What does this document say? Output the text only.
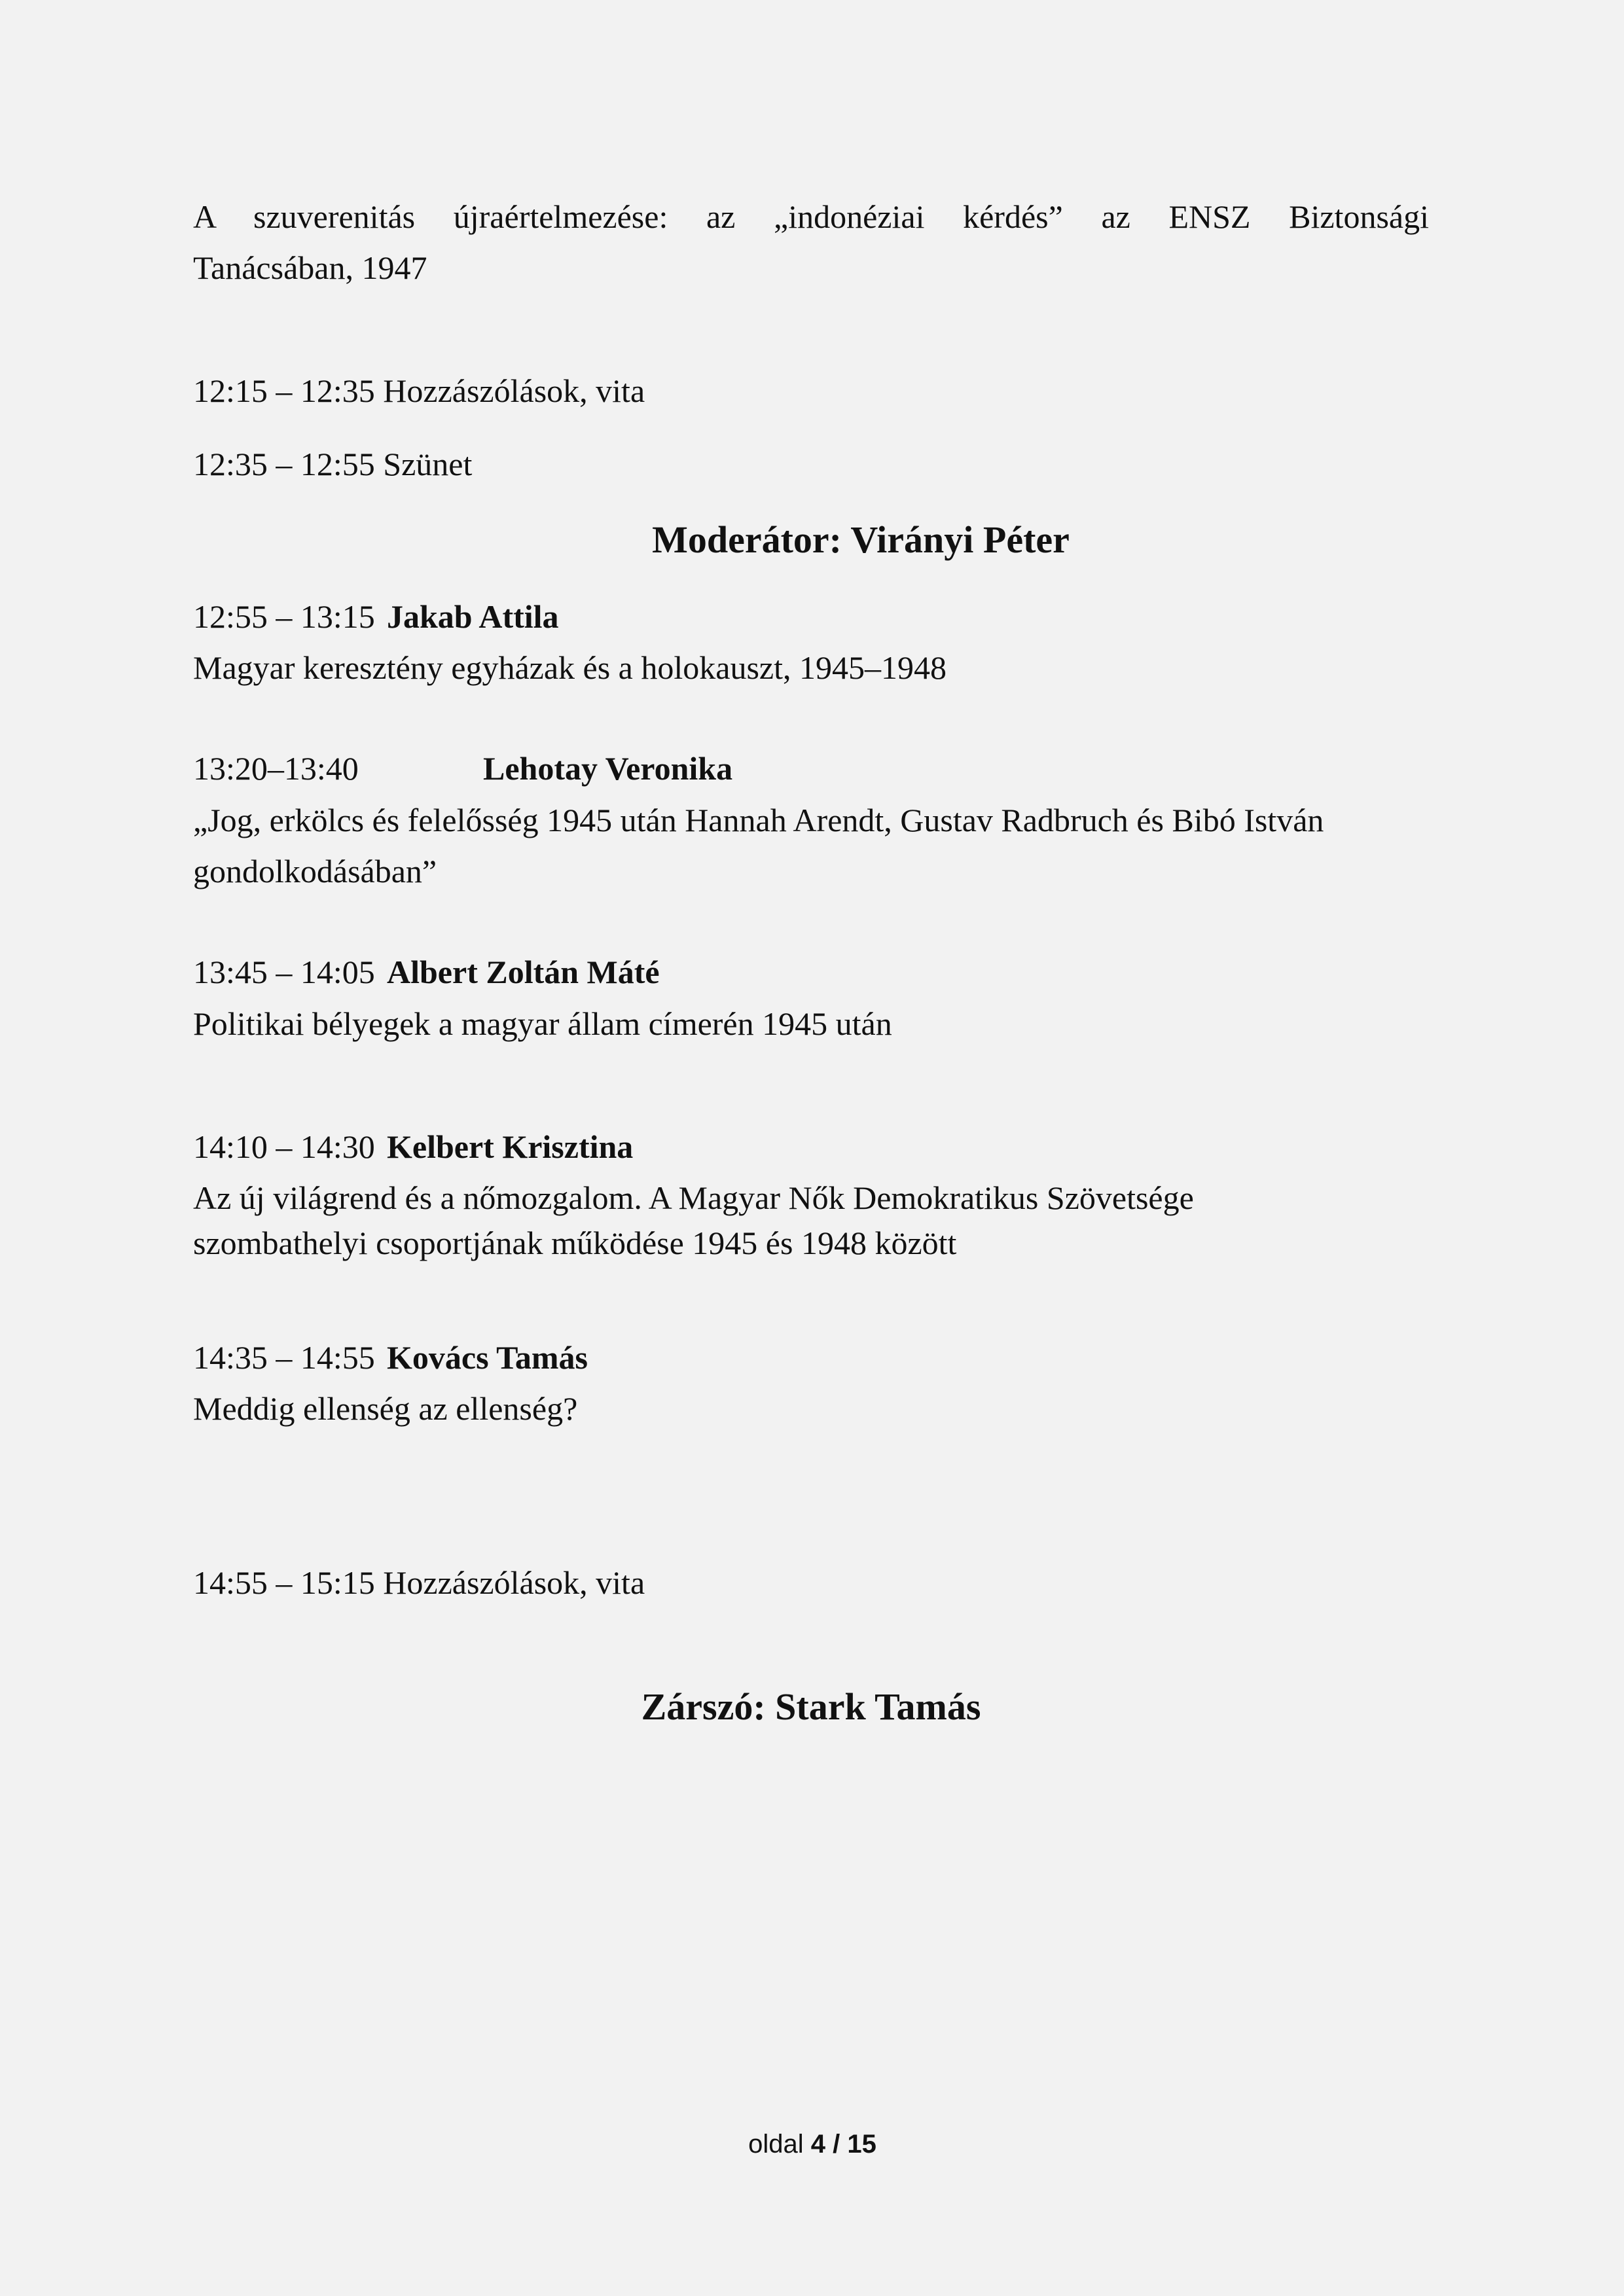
A szuverenitás újraértelmezése: az „indonéziai kérdés” az ENSZ Biztonsági
Tanácsában, 1947
12:15 – 12:35 Hozzászólások, vita
12:35 – 12:55 Szünet
Moderátor: Virányi Péter
12:55 – 13:15 Jakab Attila
Magyar keresztény egyházak és a holokauszt, 1945–1948
13:20–13:40	Lehotay Veronika
„Jog, erkölcs és felelősség 1945 után Hannah Arendt, Gustav Radbruch és Bibó István
gondolkodásában”
13:45 – 14:05 Albert Zoltán Máté
Politikai bélyegek a magyar állam címerén 1945 után
14:10 – 14:30 Kelbert Krisztina
Az új világrend és a nőmozgalom. A Magyar Nők Demokratikus Szövetsége
szombathelyi csoportjának működése 1945 és 1948 között
14:35 – 14:55 Kovács Tamás
Meddig ellenség az ellenség?
14:55 – 15:15 Hozzászólások, vita
Zárszó: Stark Tamás
oldal 4 / 15
